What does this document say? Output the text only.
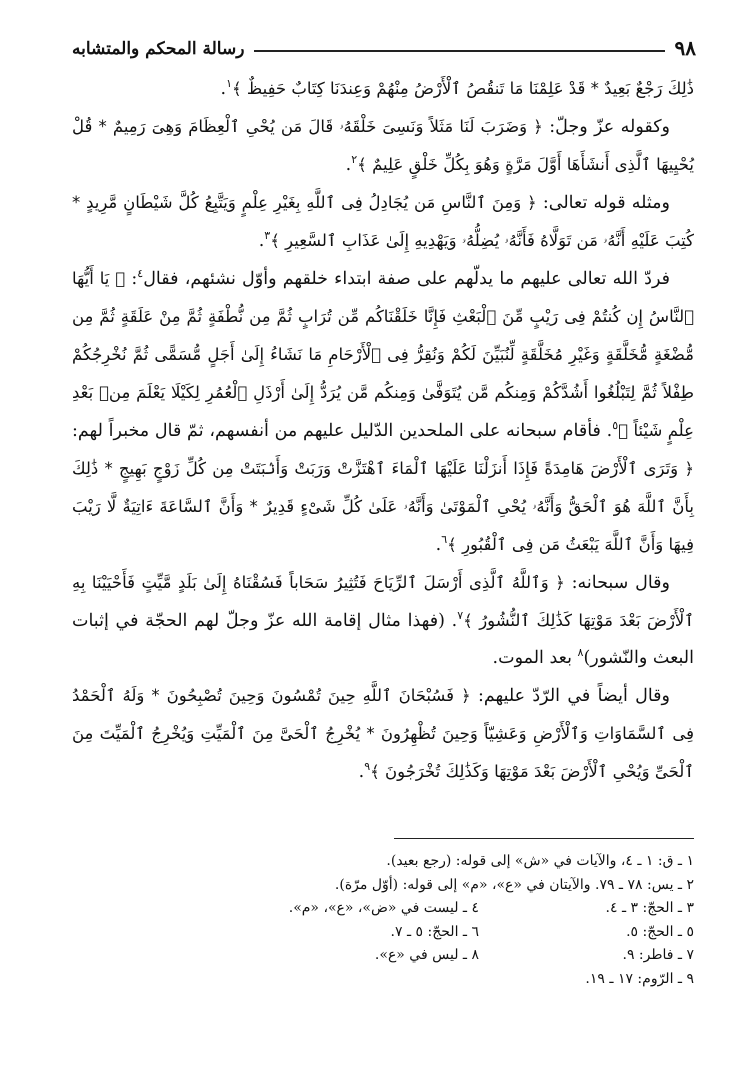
٩٨
رسالة المحكم والمتشابه

ذَٰلِكَ رَجْعٌ بَعِيدٌ * قَدْ عَلِمْنَا مَا تَنقُصُ ٱلْأَرْضُ مِنْهُمْ وَعِندَنَا كِتَابٌ حَفِيظٌ ﴾$^١$.

وكقوله عزّ وجلّ: ﴿ وَضَرَبَ لَنَا مَثَلاً وَنَسِىَ خَلْقَهُۥ قَالَ مَن يُحْىِ ٱلْعِظَامَ وَهِىَ رَمِيمٌ * قُلْ يُحْيِيهَا ٱلَّذِى أَنشَأَهَا أَوَّلَ مَرَّةٍ وَهُوَ بِكُلِّ خَلْقٍ عَلِيمٌ ﴾$^٢$.

ومثله قوله تعالى: ﴿ وَمِنَ ٱلنَّاسِ مَن يُجَادِلُ فِى ٱللَّهِ بِغَيْرِ عِلْمٍ وَيَتَّبِعُ كُلَّ شَيْطَانٍ مَّرِيدٍ * كُتِبَ عَلَيْهِ أَنَّهُۥ مَن تَوَلَّاهُ فَأَنَّهُۥ يُضِلُّهُۥ وَيَهْدِيهِ إِلَىٰ عَذَابِ ٱلسَّعِيرِ ﴾$^٣$.

فردّ الله تعالى عليهم ما يدلّهم على صفة ابتداء خلقهم وأوّل نشئهم، فقال$^٤$: ﴿ يَا أَيُّهَا ٱلنَّاسُ إِن كُنتُمْ فِى رَيْبٍ مِّنَ ٱلْبَعْثِ فَإِنَّا خَلَقْنَاكُم مِّن تُرَابٍ ثُمَّ مِن نُّطْفَةٍ ثُمَّ مِنْ عَلَقَةٍ ثُمَّ مِن مُّضْغَةٍ مُّخَلَّقَةٍ وَغَيْرِ مُخَلَّقَةٍ لِّنُبَيِّنَ لَكُمْ وَنُقِرُّ فِى ٱلْأَرْحَامِ مَا نَشَاءُ إِلَىٰ أَجَلٍ مُّسَمًّى ثُمَّ نُخْرِجُكُمْ طِفْلاً ثُمَّ لِتَبْلُغُوا أَشُدَّكُمْ وَمِنكُم مَّن يُتَوَفَّىٰ وَمِنكُم مَّن يُرَدُّ إِلَىٰ أَرْذَلِ ٱلْعُمُرِ لِكَيْلَا يَعْلَمَ مِنۢ بَعْدِ عِلْمٍ شَيْئاً ﴾$^٥$. فأقام سبحانه على الملحدين الدّليل عليهم من أنفسهم، ثمّ قال مخبراً لهم: ﴿ وَتَرَى ٱلْأَرْضَ هَامِدَةً فَإِذَا أَنزَلْنَا عَلَيْهَا ٱلْمَاءَ ٱهْتَزَّتْ وَرَبَتْ وَأَنۢبَتَتْ مِن كُلِّ زَوْجٍ بَهِيجٍ * ذَٰلِكَ بِأَنَّ ٱللَّهَ هُوَ ٱلْحَقُّ وَأَنَّهُۥ يُحْىِ ٱلْمَوْتَىٰ وَأَنَّهُۥ عَلَىٰ كُلِّ شَىْءٍ قَدِيرٌ * وَأَنَّ ٱلسَّاعَةَ ءَاتِيَةٌ لَّا رَيْبَ فِيهَا وَأَنَّ ٱللَّهَ يَبْعَثُ مَن فِى ٱلْقُبُورِ ﴾$^٦$.

وقال سبحانه: ﴿ وَٱللَّهُ ٱلَّذِى أَرْسَلَ ٱلرِّيَاحَ فَتُثِيرُ سَحَاباً فَسُقْنَاهُ إِلَىٰ بَلَدٍ مَّيِّتٍ فَأَحْيَيْنَا بِهِ ٱلْأَرْضَ بَعْدَ مَوْتِهَا كَذَٰلِكَ ٱلنُّشُورُ ﴾$^٧$. (فهذا مثال إقامة الله عزّ وجلّ لهم الحجّة في إثبات البعث والنّشور)$^٨$ بعد الموت.

وقال أيضاً في الرّدّ عليهم: ﴿ فَسُبْحَانَ ٱللَّهِ حِينَ تُمْسُونَ وَحِينَ تُصْبِحُونَ * وَلَهُ ٱلْحَمْدُ فِى ٱلسَّمَاوَاتِ وَٱلْأَرْضِ وَعَشِيّاً وَحِينَ تُظْهِرُونَ * يُخْرِجُ ٱلْحَىَّ مِنَ ٱلْمَيِّتِ وَيُخْرِجُ ٱلْمَيِّتَ مِنَ ٱلْحَىِّ وَيُحْىِ ٱلْأَرْضَ بَعْدَ مَوْتِهَا وَكَذَٰلِكَ تُخْرَجُونَ ﴾$^٩$.

١ ـ ق: ١ ـ ٤، والآيات في «ش» إلى قوله: (رجع بعيد).
٢ ـ يس: ٧٨ ـ ٧٩. والآيتان في «ع»، «م» إلى قوله: (أوّل مرّة).
٣ ـ الحجّ: ٣ ـ ٤.
٤ ـ ليست في «ض»، «ع»، «م».
٥ ـ الحجّ: ٥.
٦ ـ الحجّ: ٥ ـ ٧.
٧ ـ فاطر: ٩.
٨ ـ ليس في «ع».
٩ ـ الرّوم: ١٧ ـ ١٩.
